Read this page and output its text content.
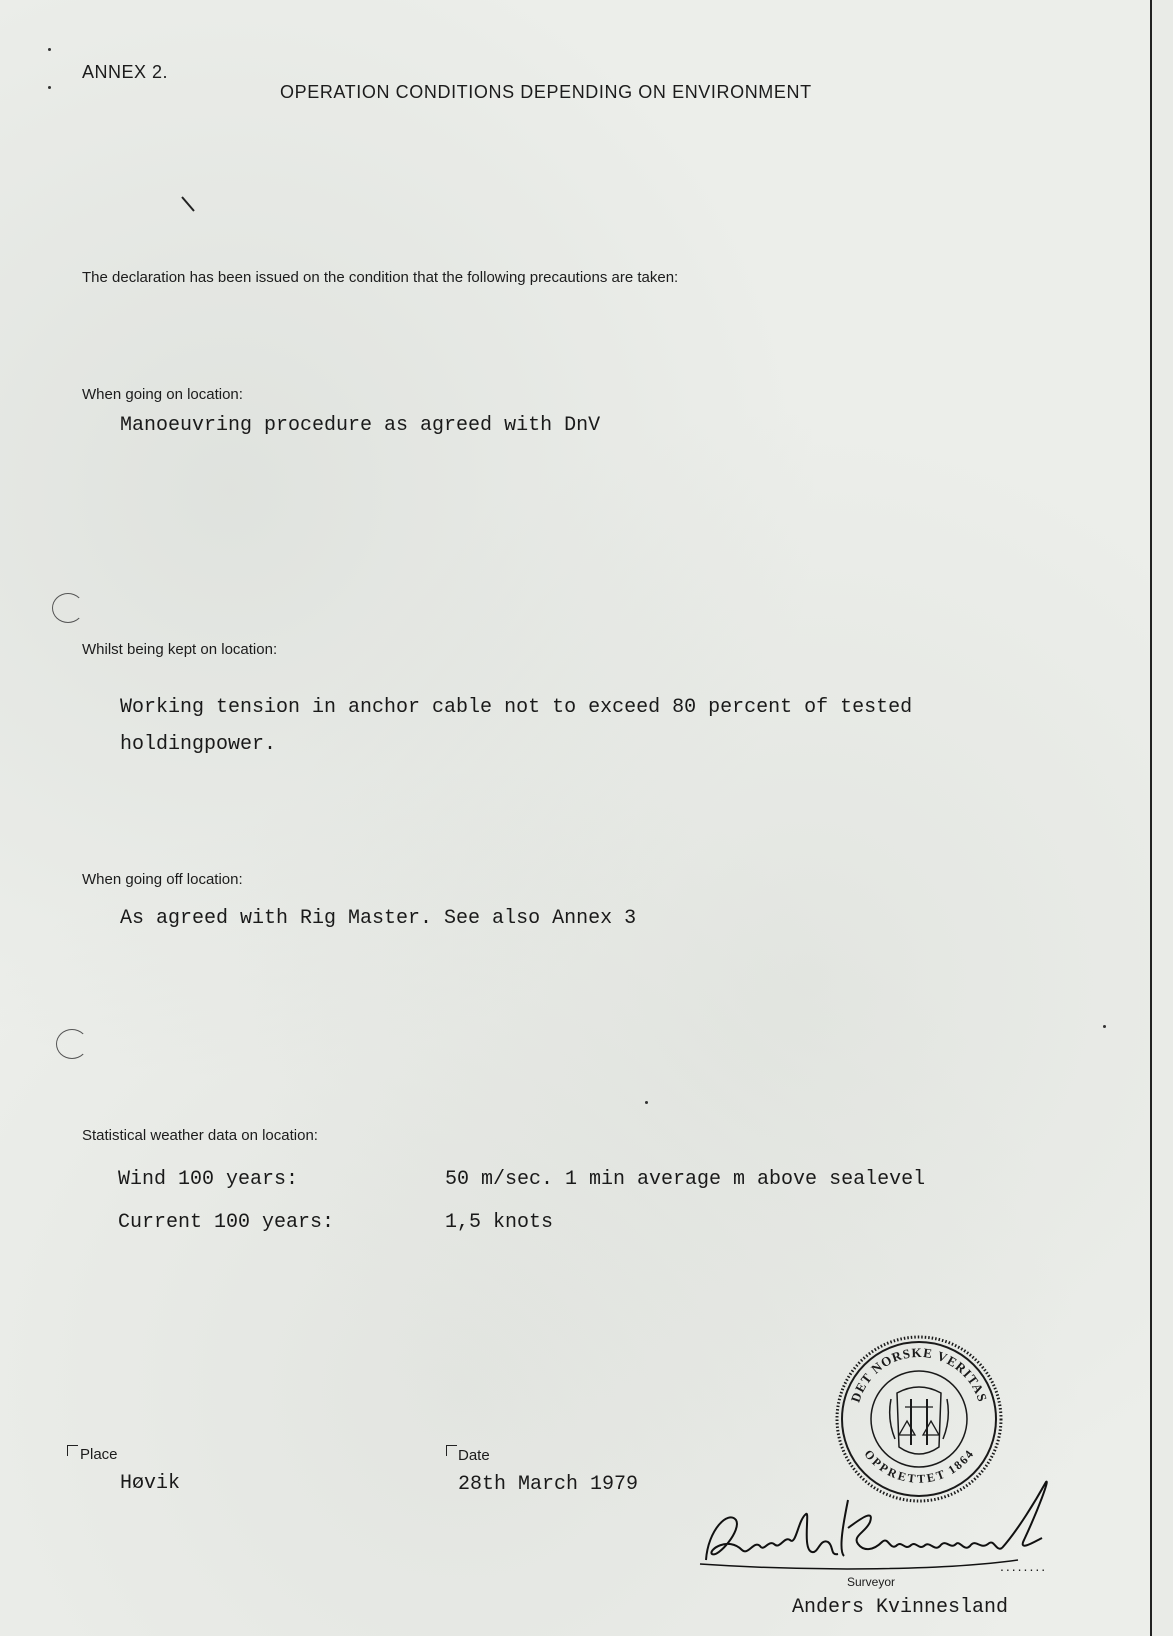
ANNEX 2.
OPERATION CONDITIONS DEPENDING ON ENVIRONMENT
The declaration has been issued on the condition that the following precautions are taken:
When going on location:
Manoeuvring procedure as agreed with DnV
Whilst being kept on location:
Working tension in anchor cable not to exceed 80 percent of tested
holdingpower.
When going off location:
As agreed with Rig Master. See also Annex 3
Statistical weather data on location:
Wind 100 years:	50 m/sec. 1 min average m above sealevel
Current 100 years:	1,5 knots
DET NORSKE VERITAS
OPPRETTET 1864
Place
Høvik
Date
28th March 1979
........
Surveyor
Anders Kvinnesland
